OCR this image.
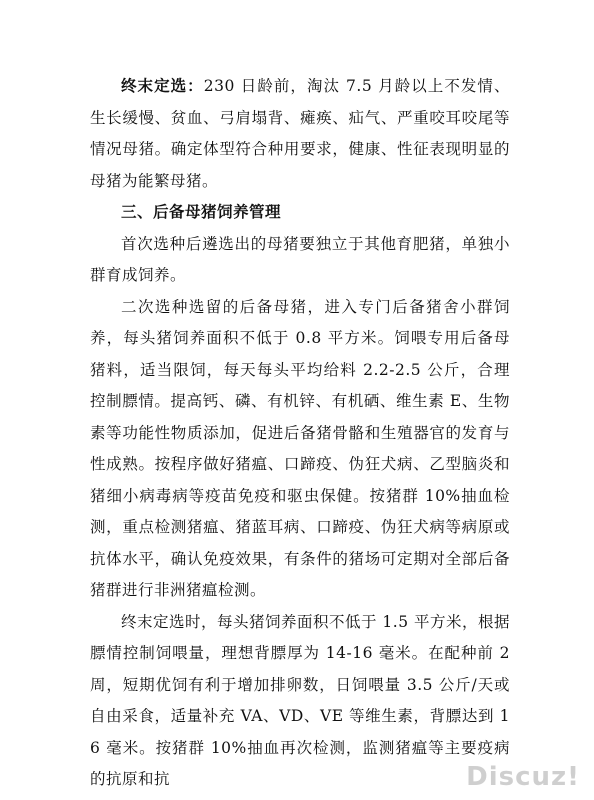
终末定选：230 日龄前，淘汰 7.5 月龄以上不发情、生长缓慢、贫血、弓肩塌背、瘫痪、疝气、严重咬耳咬尾等情况母猪。确定体型符合种用要求，健康、性征表现明显的母猪为能繁母猪。

三、后备母猪饲养管理

首次选种后遴选出的母猪要独立于其他育肥猪，单独小群育成饲养。

二次选种选留的后备母猪，进入专门后备猪舍小群饲养，每头猪饲养面积不低于 0.8 平方米。饲喂专用后备母猪料，适当限饲，每天每头平均给料 2.2-2.5 公斤，合理控制膘情。提高钙、磷、有机锌、有机硒、维生素 E、生物素等功能性物质添加，促进后备猪骨骼和生殖器官的发育与性成熟。按程序做好猪瘟、口蹄疫、伪狂犬病、乙型脑炎和猪细小病毒病等疫苗免疫和驱虫保健。按猪群 10%抽血检测，重点检测猪瘟、猪蓝耳病、口蹄疫、伪狂犬病等病原或抗体水平，确认免疫效果，有条件的猪场可定期对全部后备猪群进行非洲猪瘟检测。

终末定选时，每头猪饲养面积不低于 1.5 平方米，根据膘情控制饲喂量，理想背膘厚为 14-16 毫米。在配种前 2 周，短期优饲有利于增加排卵数，日饲喂量 3.5 公斤/天或自由采食，适量补充 VA、VD、VE 等维生素，背膘达到 16 毫米。按猪群 10%抽血再次检测，监测猪瘟等主要疫病的抗原和抗	Discuz!
